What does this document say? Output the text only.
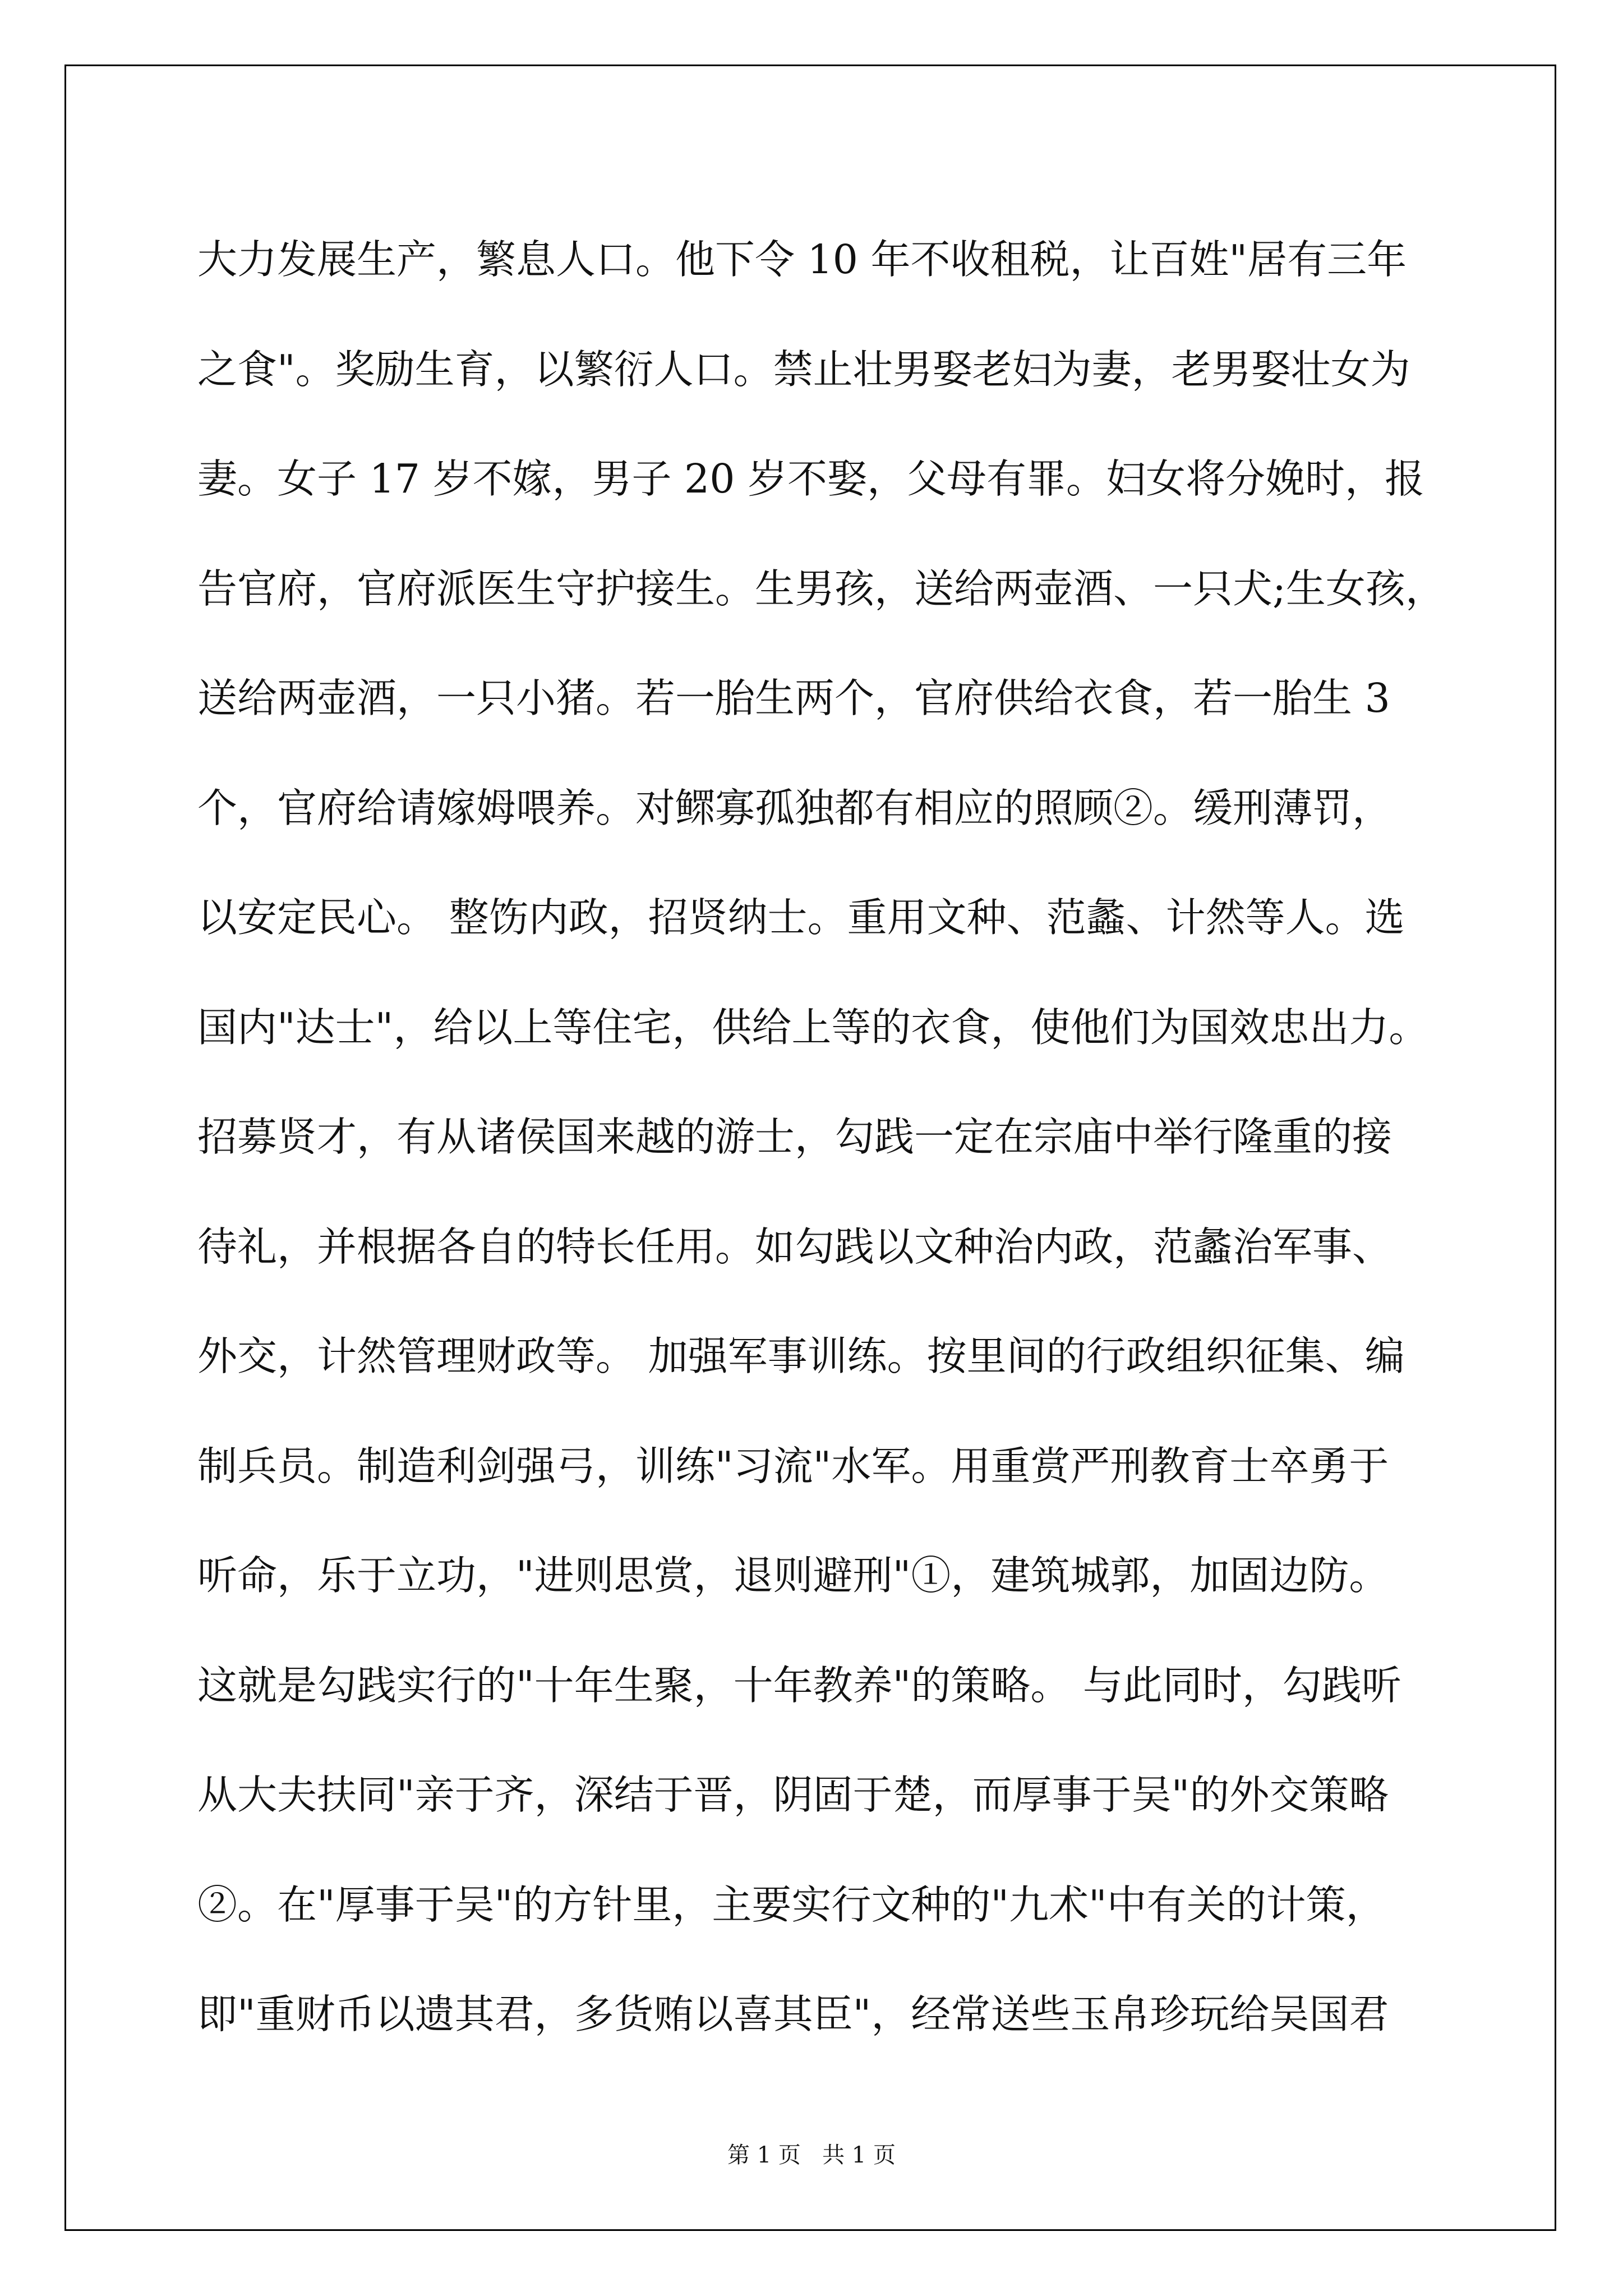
大力发展生产，繁息人口。他下令 10 年不收租税，让百姓"居有三年
之食"。奖励生育，以繁衍人口。禁止壮男娶老妇为妻，老男娶壮女为
妻。女子 17 岁不嫁，男子 20 岁不娶，父母有罪。妇女将分娩时，报
告官府，官府派医生守护接生。生男孩，送给两壶酒、一只犬;生女孩，
送给两壶酒，一只小猪。若一胎生两个，官府供给衣食，若一胎生 3
个，官府给请嫁姆喂养。对鳏寡孤独都有相应的照顾②。缓刑薄罚，
以安定民心。 整饬内政，招贤纳士。重用文种、范蠡、计然等人。选
国内"达士"，给以上等住宅，供给上等的衣食，使他们为国效忠出力。
招募贤才，有从诸侯国来越的游士，勾践一定在宗庙中举行隆重的接
待礼，并根据各自的特长任用。如勾践以文种治内政，范蠡治军事、
外交，计然管理财政等。 加强军事训练。按里间的行政组织征集、编
制兵员。制造利剑强弓，训练"习流"水军。用重赏严刑教育士卒勇于
听命，乐于立功，"进则思赏，退则避刑"①，建筑城郭，加固边防。
这就是勾践实行的"十年生聚，十年教养"的策略。 与此同时，勾践听
从大夫扶同"亲于齐，深结于晋，阴固于楚，而厚事于吴"的外交策略
②。在"厚事于吴"的方针里，主要实行文种的"九术"中有关的计策，
即"重财币以遗其君，多货贿以喜其臣"，经常送些玉帛珍玩给吴国君
第 1 页 共 1 页
